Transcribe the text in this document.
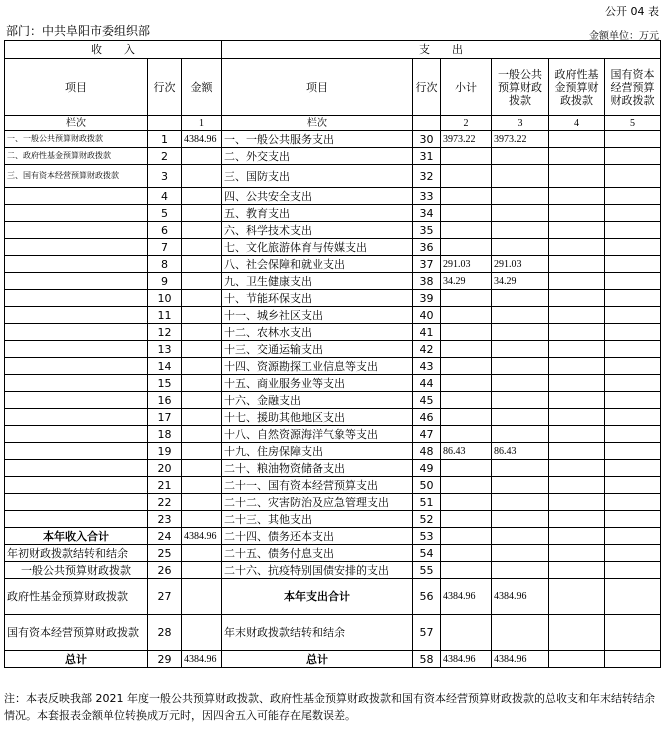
公开 04 表
部门：中共阜阳市委组织部	金额单位：万元
收　　入			支　　出					
项目	行次	金额	项目	行次	小计	一般公共预算财政拨款	政府性基金预算财政拨款	国有资本经营预算财政拨款
栏次		1	栏次		2	3	4	5
一、一般公共预算财政拨款	1	4384.96	一、一般公共服务支出	30	3973.22	3973.22		
二、政府性基金预算财政拨款	2		二、外交支出	31				
三、国有资本经营预算财政拨款	3		三、国防支出	32				
	4		四、公共安全支出	33				
	5		五、教育支出	34				
	6		六、科学技术支出	35				
	7		七、文化旅游体育与传媒支出	36				
	8		八、社会保障和就业支出	37	291.03	291.03		
	9		九、卫生健康支出	38	34.29	34.29		
	10		十、节能环保支出	39				
	11		十一、城乡社区支出	40				
	12		十二、农林水支出	41				
	13		十三、交通运输支出	42				
	14		十四、资源勘探工业信息等支出	43				
	15		十五、商业服务业等支出	44				
	16		十六、金融支出	45				
	17		十七、援助其他地区支出	46				
	18		十八、自然资源海洋气象等支出	47				
	19		十九、住房保障支出	48	86.43	86.43		
	20		二十、粮油物资储备支出	49				
	21		二十一、国有资本经营预算支出	50				
	22		二十二、灾害防治及应急管理支出	51				
	23		二十三、其他支出	52				
本年收入合计	24	4384.96	二十四、债务还本支出	53				
年初财政拨款结转和结余	25		二十五、债务付息支出	54				
一般公共预算财政拨款	26		二十六、抗疫特别国债安排的支出	55				
政府性基金预算财政拨款	27		本年支出合计	56	4384.96	4384.96		
国有资本经营预算财政拨款	28		年末财政拨款结转和结余	57				
总计	29	4384.96	总计	58	4384.96	4384.96		
注：本表反映我部 2021 年度一般公共预算财政拨款、政府性基金预算财政拨款和国有资本经营预算财政拨款的总收支和年末结转结余情况。本套报表金额单位转换成万元时，因四舍五入可能存在尾数误差。
